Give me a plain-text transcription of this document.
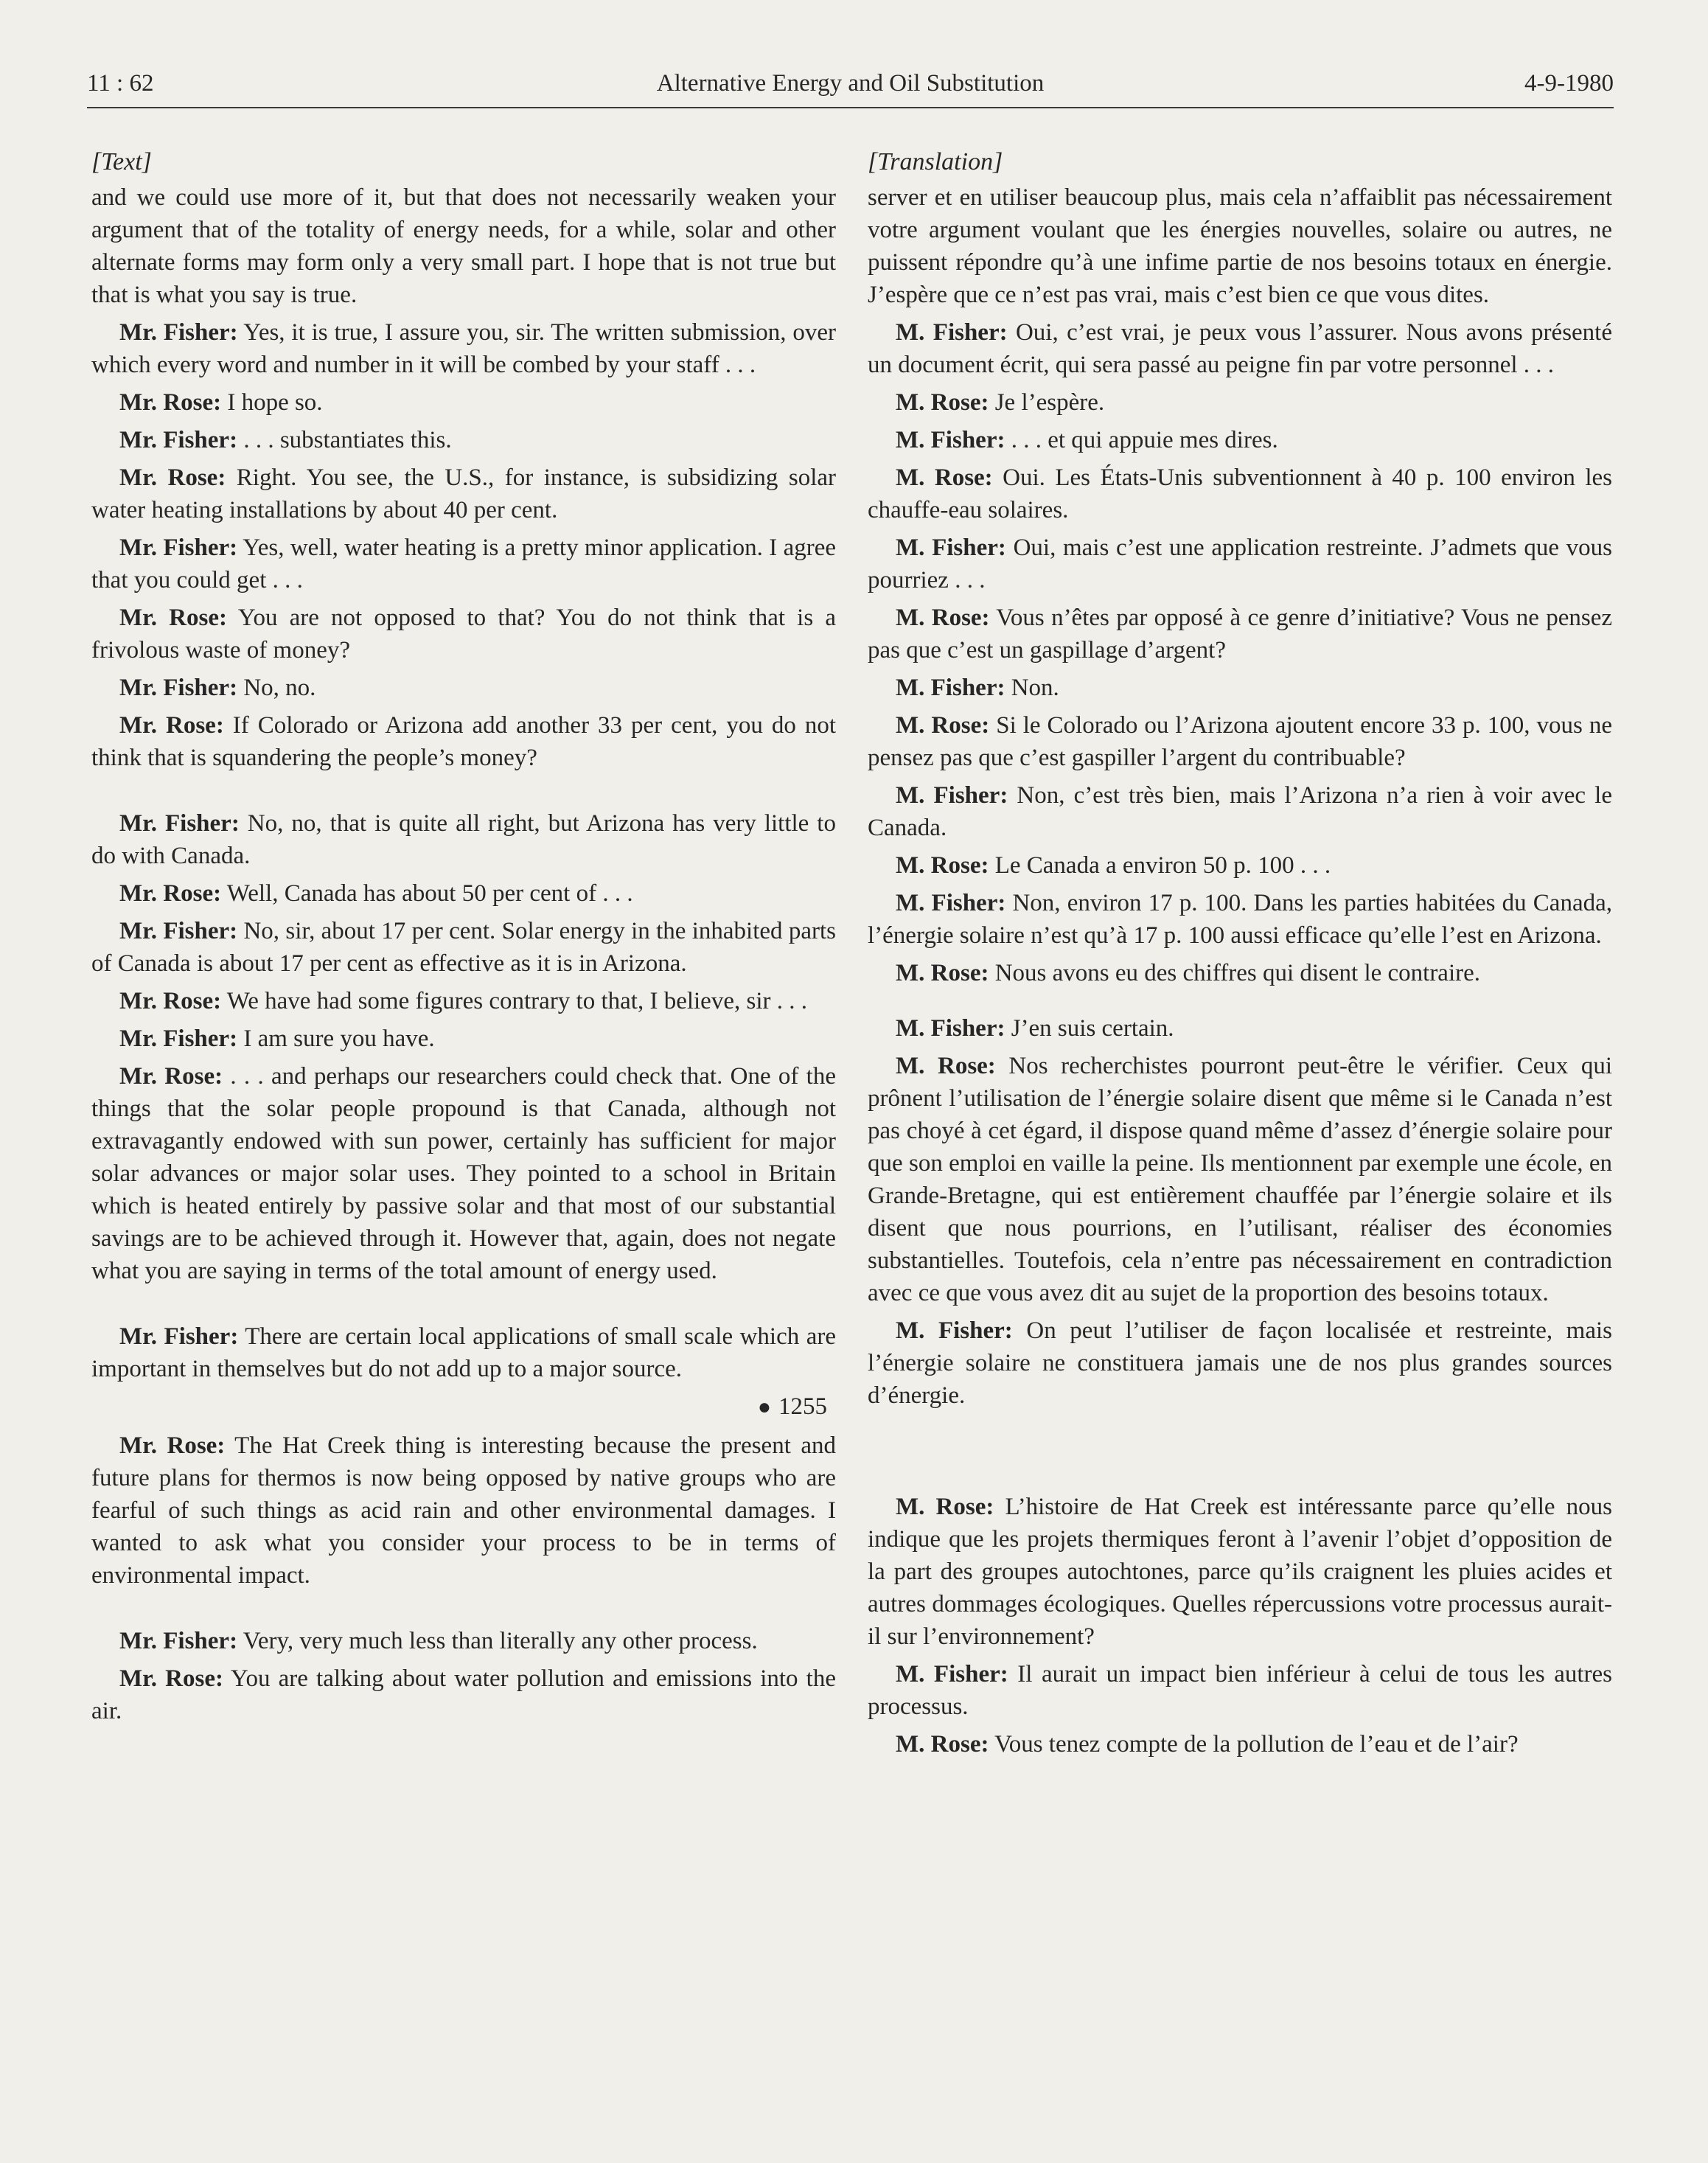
11 : 62	Alternative Energy and Oil Substitution	4-9-1980
[Text]
and we could use more of it, but that does not necessarily weaken your argument that of the totality of energy needs, for a while, solar and other alternate forms may form only a very small part. I hope that is not true but that is what you say is true.
Mr. Fisher: Yes, it is true, I assure you, sir. The written submission, over which every word and number in it will be combed by your staff . . .
Mr. Rose: I hope so.
Mr. Fisher: . . . substantiates this.
Mr. Rose: Right. You see, the U.S., for instance, is subsidizing solar water heating installations by about 40 per cent.
Mr. Fisher: Yes, well, water heating is a pretty minor application. I agree that you could get . . .
Mr. Rose: You are not opposed to that? You do not think that is a frivolous waste of money?
Mr. Fisher: No, no.
Mr. Rose: If Colorado or Arizona add another 33 per cent, you do not think that is squandering the people’s money?
Mr. Fisher: No, no, that is quite all right, but Arizona has very little to do with Canada.
Mr. Rose: Well, Canada has about 50 per cent of . . .
Mr. Fisher: No, sir, about 17 per cent. Solar energy in the inhabited parts of Canada is about 17 per cent as effective as it is in Arizona.
Mr. Rose: We have had some figures contrary to that, I believe, sir . . .
Mr. Fisher: I am sure you have.
Mr. Rose: . . . and perhaps our researchers could check that. One of the things that the solar people propound is that Canada, although not extravagantly endowed with sun power, certainly has sufficient for major solar advances or major solar uses. They pointed to a school in Britain which is heated entirely by passive solar and that most of our substantial savings are to be achieved through it. However that, again, does not negate what you are saying in terms of the total amount of energy used.
Mr. Fisher: There are certain local applications of small scale which are important in themselves but do not add up to a major source.
● 1255
Mr. Rose: The Hat Creek thing is interesting because the present and future plans for thermos is now being opposed by native groups who are fearful of such things as acid rain and other environmental damages. I wanted to ask what you consider your process to be in terms of environmental impact.
Mr. Fisher: Very, very much less than literally any other process.
Mr. Rose: You are talking about water pollution and emissions into the air.
[Translation]
server et en utiliser beaucoup plus, mais cela n’affaiblit pas nécessairement votre argument voulant que les énergies nouvelles, solaire ou autres, ne puissent répondre qu’à une infime partie de nos besoins totaux en énergie. J’espère que ce n’est pas vrai, mais c’est bien ce que vous dites.
M. Fisher: Oui, c’est vrai, je peux vous l’assurer. Nous avons présenté un document écrit, qui sera passé au peigne fin par votre personnel . . .
M. Rose: Je l’espère.
M. Fisher: . . . et qui appuie mes dires.
M. Rose: Oui. Les États-Unis subventionnent à 40 p. 100 environ les chauffe-eau solaires.
M. Fisher: Oui, mais c’est une application restreinte. J’admets que vous pourriez . . .
M. Rose: Vous n’êtes par opposé à ce genre d’initiative? Vous ne pensez pas que c’est un gaspillage d’argent?
M. Fisher: Non.
M. Rose: Si le Colorado ou l’Arizona ajoutent encore 33 p. 100, vous ne pensez pas que c’est gaspiller l’argent du contribuable?
M. Fisher: Non, c’est très bien, mais l’Arizona n’a rien à voir avec le Canada.
M. Rose: Le Canada a environ 50 p. 100 . . .
M. Fisher: Non, environ 17 p. 100. Dans les parties habitées du Canada, l’énergie solaire n’est qu’à 17 p. 100 aussi efficace qu’elle l’est en Arizona.
M. Rose: Nous avons eu des chiffres qui disent le contraire.
M. Fisher: J’en suis certain.
M. Rose: Nos recherchistes pourront peut-être le vérifier. Ceux qui prônent l’utilisation de l’énergie solaire disent que même si le Canada n’est pas choyé à cet égard, il dispose quand même d’assez d’énergie solaire pour que son emploi en vaille la peine. Ils mentionnent par exemple une école, en Grande-Bretagne, qui est entièrement chauffée par l’énergie solaire et ils disent que nous pourrions, en l’utilisant, réaliser des économies substantielles. Toutefois, cela n’entre pas nécessairement en contradiction avec ce que vous avez dit au sujet de la proportion des besoins totaux.
M. Fisher: On peut l’utiliser de façon localisée et restreinte, mais l’énergie solaire ne constituera jamais une de nos plus grandes sources d’énergie.
M. Rose: L’histoire de Hat Creek est intéressante parce qu’elle nous indique que les projets thermiques feront à l’avenir l’objet d’opposition de la part des groupes autochtones, parce qu’ils craignent les pluies acides et autres dommages écologiques. Quelles répercussions votre processus aurait-il sur l’environnement?
M. Fisher: Il aurait un impact bien inférieur à celui de tous les autres processus.
M. Rose: Vous tenez compte de la pollution de l’eau et de l’air?
